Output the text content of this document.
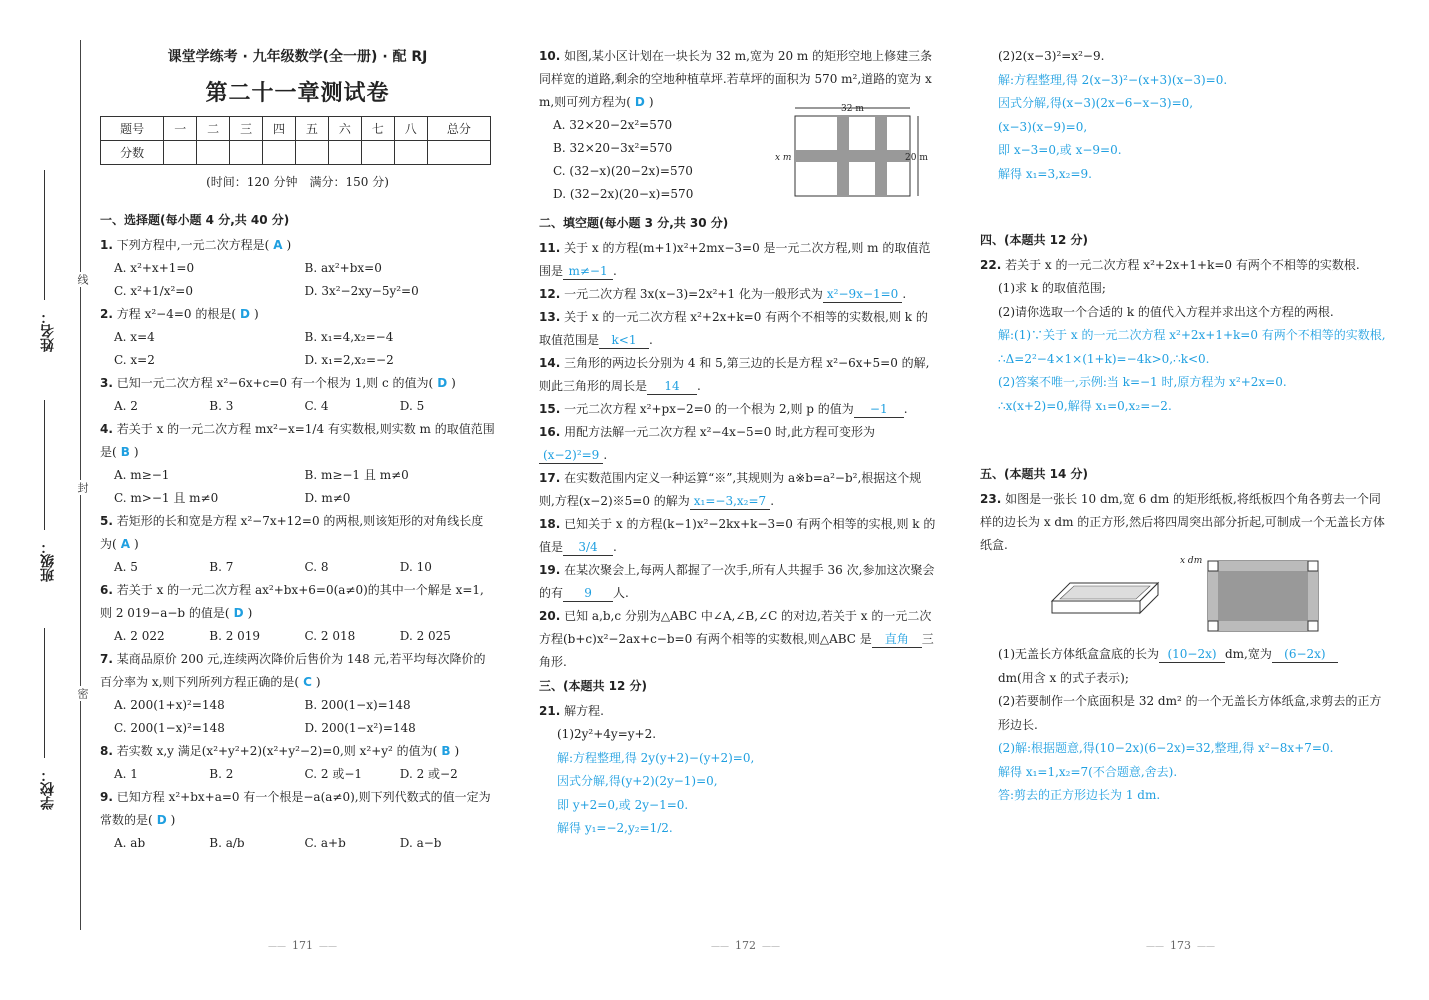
线
封
密
姓名：
班级：
学校：
课堂学练考 · 九年级数学(全一册) · 配 RJ
第二十一章测试卷
题号	一	二	三	四	五	六	七	八	总分
分数									
(时间：120 分钟　满分：150 分)
一、选择题(每小题 4 分,共 40 分)
1. 下列方程中,一元二次方程是( A )
A. x²+x+1=0	B. ax²+bx=0
C. x²+1/x²=0	D. 3x²−2xy−5y²=0
2. 方程 x²−4=0 的根是( D )
A. x=4	B. x₁=4,x₂=−4
C. x=2	D. x₁=2,x₂=−2
3. 已知一元二次方程 x²−6x+c=0 有一个根为 1,则 c 的值为( D )
A. 2	B. 3	C. 4	D. 5
4. 若关于 x 的一元二次方程 mx²−x=1/4 有实数根,则实数 m 的取值范围是( B )
A. m≥−1	B. m≥−1 且 m≠0
C. m>−1 且 m≠0	D. m≠0
5. 若矩形的长和宽是方程 x²−7x+12=0 的两根,则该矩形的对角线长度为( A )
A. 5	B. 7	C. 8	D. 10
6. 若关于 x 的一元二次方程 ax²+bx+6=0(a≠0)的其中一个解是 x=1,则 2 019−a−b 的值是( D )
A. 2 022	B. 2 019	C. 2 018	D. 2 025
7. 某商品原价 200 元,连续两次降价后售价为 148 元,若平均每次降价的百分率为 x,则下列所列方程正确的是( C )
A. 200(1+x)²=148	B. 200(1−x)=148
C. 200(1−x)²=148	D. 200(1−x²)=148
8. 若实数 x,y 满足(x²+y²+2)(x²+y²−2)=0,则 x²+y² 的值为( B )
A. 1	B. 2	C. 2 或−1	D. 2 或−2
9. 已知方程 x²+bx+a=0 有一个根是−a(a≠0),则下列代数式的值一定为常数的是( D )
A. ab	B. a/b	C. a+b	D. a−b
—— 171 ——
10. 如图,某小区计划在一块长为 32 m,宽为 20 m 的矩形空地上修建三条同样宽的道路,剩余的空地种植草坪.若草坪的面积为 570 m²,道路的宽为 x m,则可列方程为( D )
A. 32×20−2x²=570
B. 32×20−3x²=570
C. (32−x)(20−2x)=570
D. (32−2x)(20−x)=570
32 m
20 m
x m
二、填空题(每小题 3 分,共 30 分)
11. 关于 x 的方程(m+1)x²+2mx−3=0 是一元二次方程,则 m 的取值范围是 m≠−1 .
12. 一元二次方程 3x(x−3)=2x²+1 化为一般形式为 x²−9x−1=0 .
13. 关于 x 的一元二次方程 x²+2x+k=0 有两个不相等的实数根,则 k 的取值范围是 k<1 .
14. 三角形的两边长分别为 4 和 5,第三边的长是方程 x²−6x+5=0 的解,则此三角形的周长是 14 .
15. 一元二次方程 x²+px−2=0 的一个根为 2,则 p 的值为 −1 .
16. 用配方法解一元二次方程 x²−4x−5=0 时,此方程可变形为(x−2)²=9 .
17. 在实数范围内定义一种运算“※”,其规则为 a※b=a²−b²,根据这个规则,方程(x−2)※5=0 的解为 x₁=−3,x₂=7 .
18. 已知关于 x 的方程(k−1)x²−2kx+k−3=0 有两个相等的实根,则 k 的值是 3/4 .
19. 在某次聚会上,每两人都握了一次手,所有人共握手 36 次,参加这次聚会的有 9 人.
20. 已知 a,b,c 分别为△ABC 中∠A,∠B,∠C 的对边,若关于 x 的一元二次方程(b+c)x²−2ax+c−b=0 有两个相等的实数根,则△ABC 是 直角 三角形.
三、(本题共 12 分)
21. 解方程.
(1)2y²+4y=y+2.
解:方程整理,得 2y(y+2)−(y+2)=0,
因式分解,得(y+2)(2y−1)=0,
即 y+2=0,或 2y−1=0.
解得 y₁=−2,y₂=1/2.
—— 172 ——
(2)2(x−3)²=x²−9.
解:方程整理,得 2(x−3)²−(x+3)(x−3)=0.
因式分解,得(x−3)(2x−6−x−3)=0,
(x−3)(x−9)=0,
即 x−3=0,或 x−9=0.
解得 x₁=3,x₂=9.
四、(本题共 12 分)
22. 若关于 x 的一元二次方程 x²+2x+1+k=0 有两个不相等的实数根.
(1)求 k 的取值范围;
(2)请你选取一个合适的 k 的值代入方程并求出这个方程的两根.
解:(1)∵关于 x 的一元二次方程 x²+2x+1+k=0 有两个不相等的实数根,
∴Δ=2²−4×1×(1+k)=−4k>0,∴k<0.
(2)答案不唯一,示例:当 k=−1 时,原方程为 x²+2x=0.
∴x(x+2)=0,解得 x₁=0,x₂=−2.
五、(本题共 14 分)
23. 如图是一张长 10 dm,宽 6 dm 的矩形纸板,将纸板四个角各剪去一个同样的边长为 x dm 的正方形,然后将四周突出部分折起,可制成一个无盖长方体纸盒.
x dm
(1)无盖长方体纸盒盒底的长为 (10−2x) dm,宽为 (6−2x)
dm(用含 x 的式子表示);
(2)若要制作一个底面积是 32 dm² 的一个无盖长方体纸盒,求剪去的正方形边长.
(2)解:根据题意,得(10−2x)(6−2x)=32,整理,得 x²−8x+7=0.
解得 x₁=1,x₂=7(不合题意,舍去).
答:剪去的正方形边长为 1 dm.
—— 173 ——
